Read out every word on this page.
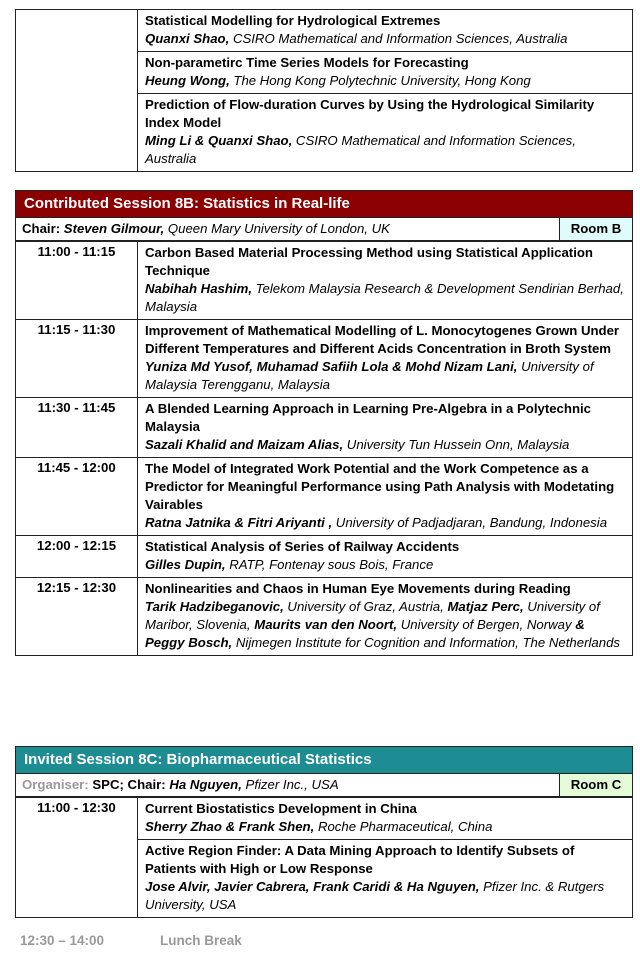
Statistical Modelling for Hydrological Extremes
Quanxi Shao, CSIRO Mathematical and Information Sciences, Australia

Non-parametirc Time Series Models for Forecasting
Heung Wong, The Hong Kong Polytechnic University, Hong Kong

Prediction of Flow-duration Curves by Using the Hydrological Similarity Index Model
Ming Li & Quanxi Shao, CSIRO Mathematical and Information Sciences, Australia
Contributed Session 8B: Statistics in Real-life
Chair: Steven Gilmour, Queen Mary University of London, UK	Room B
11:00 - 11:15	Carbon Based Material Processing Method using Statistical Application Technique
Nabihah Hashim, Telekom Malaysia Research & Development Sendirian Berhad, Malaysia

11:15 - 11:30	Improvement of Mathematical Modelling of L. Monocytogenes Grown Under Different Temperatures and Different Acids Concentration in Broth System
Yuniza Md Yusof, Muhamad Safiih Lola & Mohd Nizam Lani, University of Malaysia Terengganu, Malaysia

11:30 - 11:45	A Blended Learning Approach in Learning Pre-Algebra in a Polytechnic Malaysia
Sazali Khalid and Maizam Alias, University Tun Hussein Onn, Malaysia

11:45 - 12:00	The Model of Integrated Work Potential and the Work Competence as a Predictor for Meaningful Performance using Path Analysis with Modetating Vairables
Ratna Jatnika & Fitri Ariyanti , University of Padjadjaran, Bandung, Indonesia

12:00 - 12:15	Statistical Analysis of Series of Railway Accidents
Gilles Dupin, RATP, Fontenay sous Bois, France

12:15 - 12:30	Nonlinearities and Chaos in Human Eye Movements during Reading
Tarik Hadzibeganovic, University of Graz, Austria, Matjaz Perc, University of Maribor, Slovenia, Maurits van den Noort, University of Bergen, Norway & Peggy Bosch, Nijmegen Institute for Cognition and Information, The Netherlands
Invited Session 8C: Biopharmaceutical Statistics
Organiser: SPC; Chair: Ha Nguyen, Pfizer Inc., USA	Room C
11:00 - 12:30	Current Biostatistics Development in China
Sherry Zhao & Frank Shen, Roche Pharmaceutical, China

Active Region Finder: A Data Mining Approach to Identify Subsets of Patients with High or Low Response
Jose Alvir, Javier Cabrera, Frank Caridi & Ha Nguyen, Pfizer Inc. & Rutgers University, USA
12:30 – 14:00	Lunch Break
